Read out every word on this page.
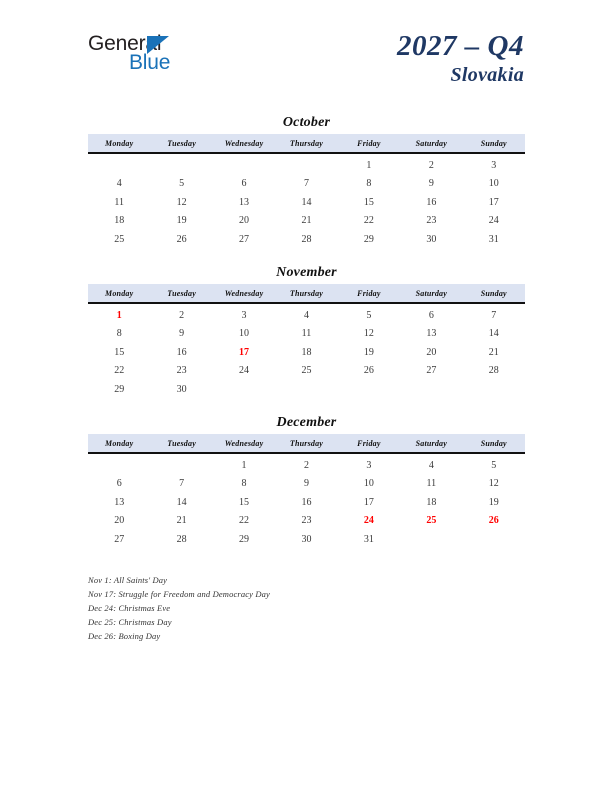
General
Blue
2027 – Q4
Slovakia
October
Monday	Tuesday	Wednesday	Thursday	Friday	Saturday	Sunday
				1	2	3
4	5	6	7	8	9	10
11	12	13	14	15	16	17
18	19	20	21	22	23	24
25	26	27	28	29	30	31
November
Monday	Tuesday	Wednesday	Thursday	Friday	Saturday	Sunday
1	2	3	4	5	6	7
8	9	10	11	12	13	14
15	16	17	18	19	20	21
22	23	24	25	26	27	28
29	30					
December
Monday	Tuesday	Wednesday	Thursday	Friday	Saturday	Sunday
		1	2	3	4	5
6	7	8	9	10	11	12
13	14	15	16	17	18	19
20	21	22	23	24	25	26
27	28	29	30	31		
Nov 1: All Saints' Day
Nov 17: Struggle for Freedom and Democracy Day
Dec 24: Christmas Eve
Dec 25: Christmas Day
Dec 26: Boxing Day
